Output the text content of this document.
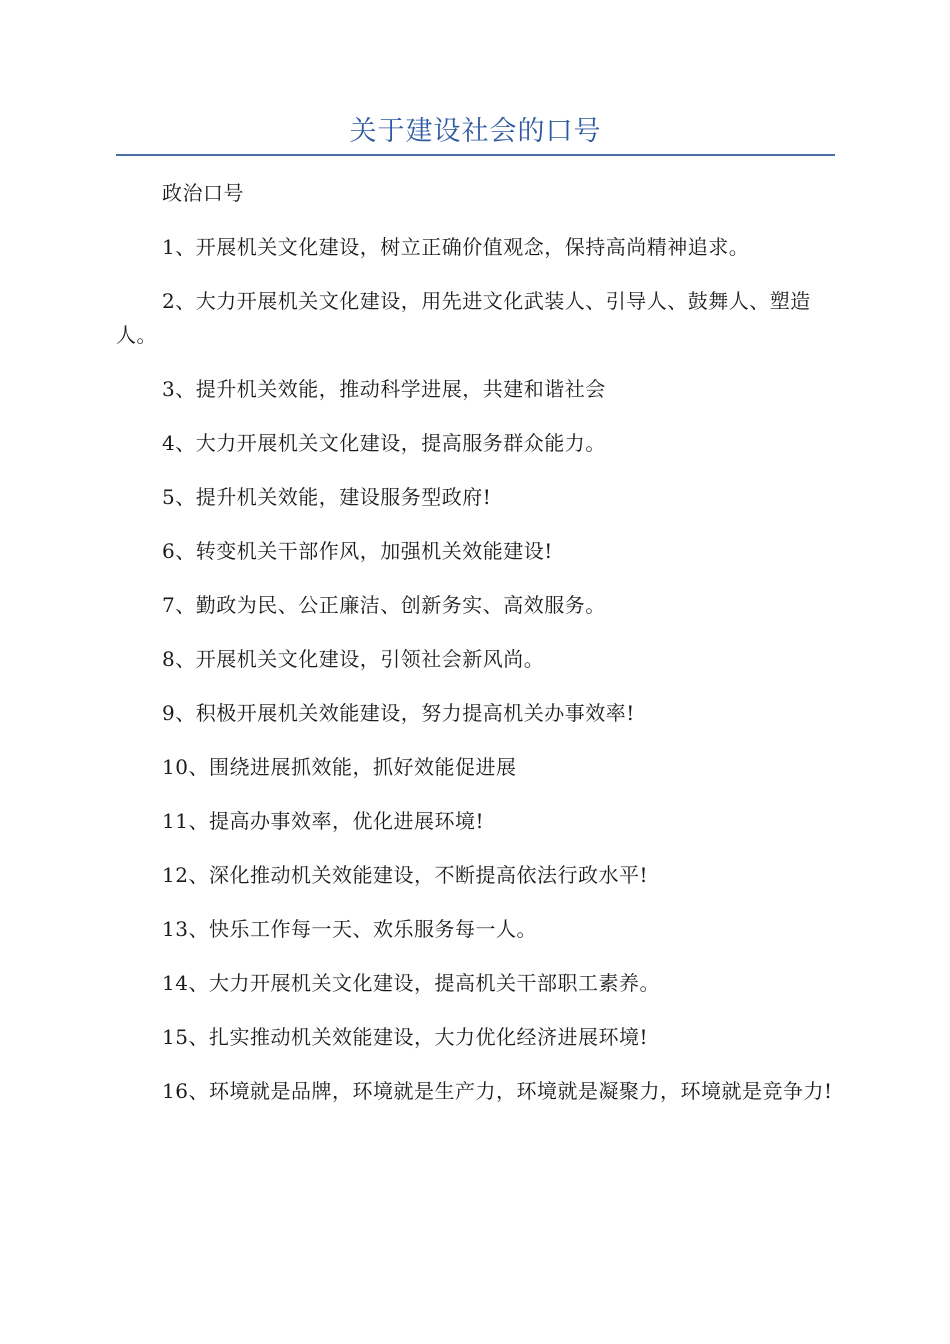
关于建设社会的口号

政治口号

1、开展机关文化建设，树立正确价值观念，保持高尚精神追求。

2、大力开展机关文化建设，用先进文化武装人、引导人、鼓舞人、塑造人。

3、提升机关效能，推动科学进展，共建和谐社会

4、大力开展机关文化建设，提高服务群众能力。

5、提升机关效能，建设服务型政府!

6、转变机关干部作风，加强机关效能建设!

7、勤政为民、公正廉洁、创新务实、高效服务。

8、开展机关文化建设，引领社会新风尚。

9、积极开展机关效能建设，努力提高机关办事效率!

10、围绕进展抓效能，抓好效能促进展

11、提高办事效率，优化进展环境!

12、深化推动机关效能建设，不断提高依法行政水平!

13、快乐工作每一天、欢乐服务每一人。

14、大力开展机关文化建设，提高机关干部职工素养。

15、扎实推动机关效能建设，大力优化经济进展环境!

16、环境就是品牌，环境就是生产力，环境就是凝聚力，环境就是竞争力!
